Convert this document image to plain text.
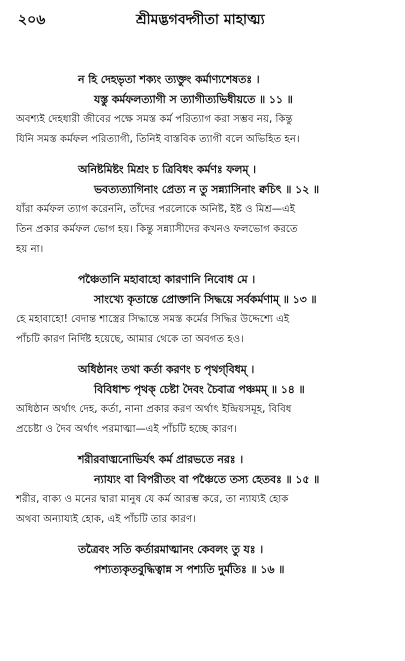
২০৬	শ্রীমদ্ভগবদ্গীতা মাহাত্ম্য
ন হি দেহভৃতা শক্যং ত্যক্তুং কর্মাণ্যশেষতঃ ।
যস্তু কর্মফলত্যাগী স ত্যাগীত্যভিধীয়তে ॥ ১১ ॥
অবশ্যই দেহধারী জীবের পক্ষে সমস্ত কর্ম পরিত্যাগ করা সম্ভব নয়, কিন্তু
যিনি সমস্ত কর্মফল পরিত্যাগী, তিনিই বাস্তবিক ত্যাগী বলে অভিহিত হন।
অনিষ্টমিষ্টং মিশ্রং চ ত্রিবিধং কর্মণঃ ফলম্ ।
ভবত্যত্যাগিনাং প্রেত্য ন তু সন্ন্যাসিনাং ক্বচিৎ ॥ ১২ ॥
যাঁরা কর্মফল ত্যাগ করেননি, তাঁদের পরলোকে অনিষ্ট, ইষ্ট ও মিশ্র—এই
তিন প্রকার কর্মফল ভোগ হয়। কিন্তু সন্ন্যাসীদের কখনও ফলভোগ করতে
হয় না।
পঞ্চৈতানি মহাবাহো কারণানি নিবোধ মে ।
সাংখ্যে কৃতান্তে প্রোক্তানি সিদ্ধয়ে সর্বকর্মণাম্ ॥ ১৩ ॥
হে মহাবাহো! বেদান্ত শাস্ত্রের সিদ্ধান্তে সমস্ত কর্মের সিদ্ধির উদ্দেশ্যে এই
পাঁচটি কারণ নির্দিষ্ট হয়েছে, আমার থেকে তা অবগত হও।
অধিষ্ঠানং তথা কর্তা করণং চ পৃথগ্‌বিধম্ ।
বিবিধাশ্চ পৃথক্ চেষ্টা দৈবং চৈবাত্র পঞ্চমম্ ॥ ১৪ ॥
অধিষ্ঠান অর্থাৎ দেহ, কর্তা, নানা প্রকার করণ অর্থাৎ ইন্দ্রিয়সমূহ, বিবিধ
প্রচেষ্টা ও দৈব অর্থাৎ পরমাত্মা—এই পাঁচটি হচ্ছে কারণ।
শরীরবাঙ্মনোভির্যৎ কর্ম প্রারভতে নরঃ ।
ন্যায্যং বা বিপরীতং বা পঞ্চৈতে তস্য হেতবঃ ॥ ১৫ ॥
শরীর, বাক্য ও মনের দ্বারা মানুষ যে কর্ম আরম্ভ করে, তা ন্যায্যই হোক
অথবা অন্যায্যই হোক, এই পাঁচটি তার কারণ।
তত্রৈবং সতি কর্তারমাত্মানং কেবলং তু যঃ ।
পশ্যত্যকৃতবুদ্ধিত্বান্ন স পশ্যতি দুর্মতিঃ ॥ ১৬ ॥
